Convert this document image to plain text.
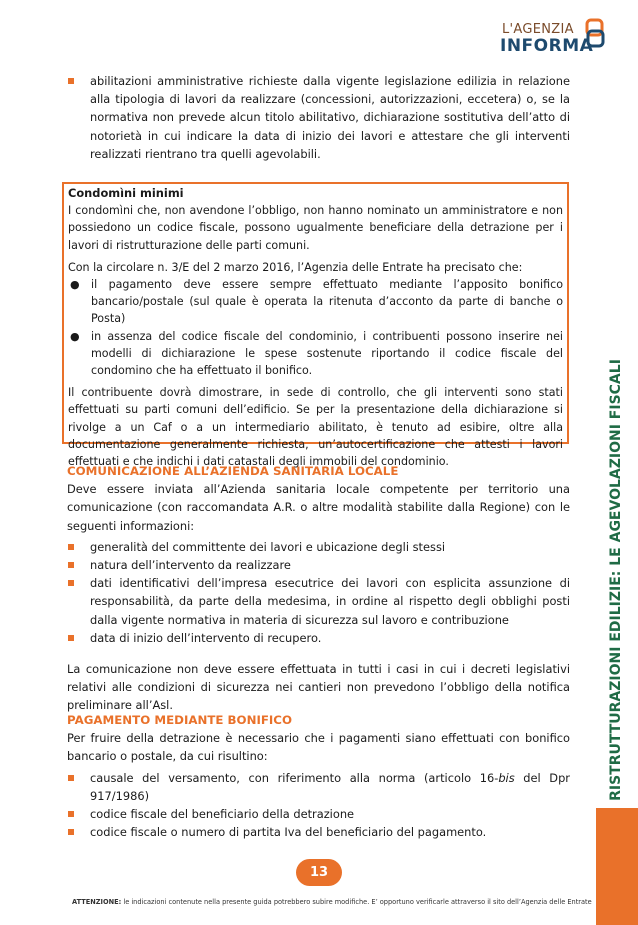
L'AGENZIA
INFORMA
RISTRUTTURAZIONI EDILIZIE: LE AGEVOLAZIONI FISCALI
abilitazioni amministrative richieste dalla vigente legislazione edilizia in relazione alla tipologia di lavori da realizzare (concessioni, autorizzazioni, eccetera) o, se la normativa non prevede alcun titolo abilitativo, dichiarazione sostitutiva dell’atto di notorietà in cui indicare la data di inizio dei lavori e attestare che gli interventi realizzati rientrano tra quelli agevolabili.
Condomìni minimi

I condomìni che, non avendone l’obbligo, non hanno nominato un amministratore e non possiedono un codice fiscale, possono ugualmente beneficiare della detrazione per i lavori di ristrutturazione delle parti comuni.

Con la circolare n. 3/E del 2 marzo 2016, l’Agenzia delle Entrate ha precisato che:

● il pagamento deve essere sempre effettuato mediante l’apposito bonifico bancario/postale (sul quale è operata la ritenuta d’acconto da parte di banche o Posta)
● in assenza del codice fiscale del condominio, i contribuenti possono inserire nei modelli di dichiarazione le spese sostenute riportando il codice fiscale del condomino che ha effettuato il bonifico.

Il contribuente dovrà dimostrare, in sede di controllo, che gli interventi sono stati effettuati su parti comuni dell’edificio. Se per la presentazione della dichiarazione si rivolge a un Caf o a un intermediario abilitato, è tenuto ad esibire, oltre alla documentazione generalmente richiesta, un’autocertificazione che attesti i lavori effettuati e che indichi i dati catastali degli immobili del condominio.

COMUNICAZIONE ALL’AZIENDA SANITARIA LOCALE

Deve essere inviata all’Azienda sanitaria locale competente per territorio una comunicazione (con raccomandata A.R. o altre modalità stabilite dalla Regione) con le seguenti informazioni:

generalità del committente dei lavori e ubicazione degli stessi
natura dell’intervento da realizzare
dati identificativi dell’impresa esecutrice dei lavori con esplicita assunzione di responsabilità, da parte della medesima, in ordine al rispetto degli obblighi posti dalla vigente normativa in materia di sicurezza sul lavoro e contribuzione
data di inizio dell’intervento di recupero.

La comunicazione non deve essere effettuata in tutti i casi in cui i decreti legislativi relativi alle condizioni di sicurezza nei cantieri non prevedono l’obbligo della notifica preliminare all’Asl.

PAGAMENTO MEDIANTE BONIFICO

Per fruire della detrazione è necessario che i pagamenti siano effettuati con bonifico bancario o postale, da cui risultino:

causale del versamento, con riferimento alla norma (articolo 16-bis del Dpr 917/1986)
codice fiscale del beneficiario della detrazione
codice fiscale o numero di partita Iva del beneficiario del pagamento.
13
ATTENZIONE: le indicazioni contenute nella presente guida potrebbero subire modifiche. E’ opportuno verificarle attraverso il sito dell’Agenzia delle Entrate
